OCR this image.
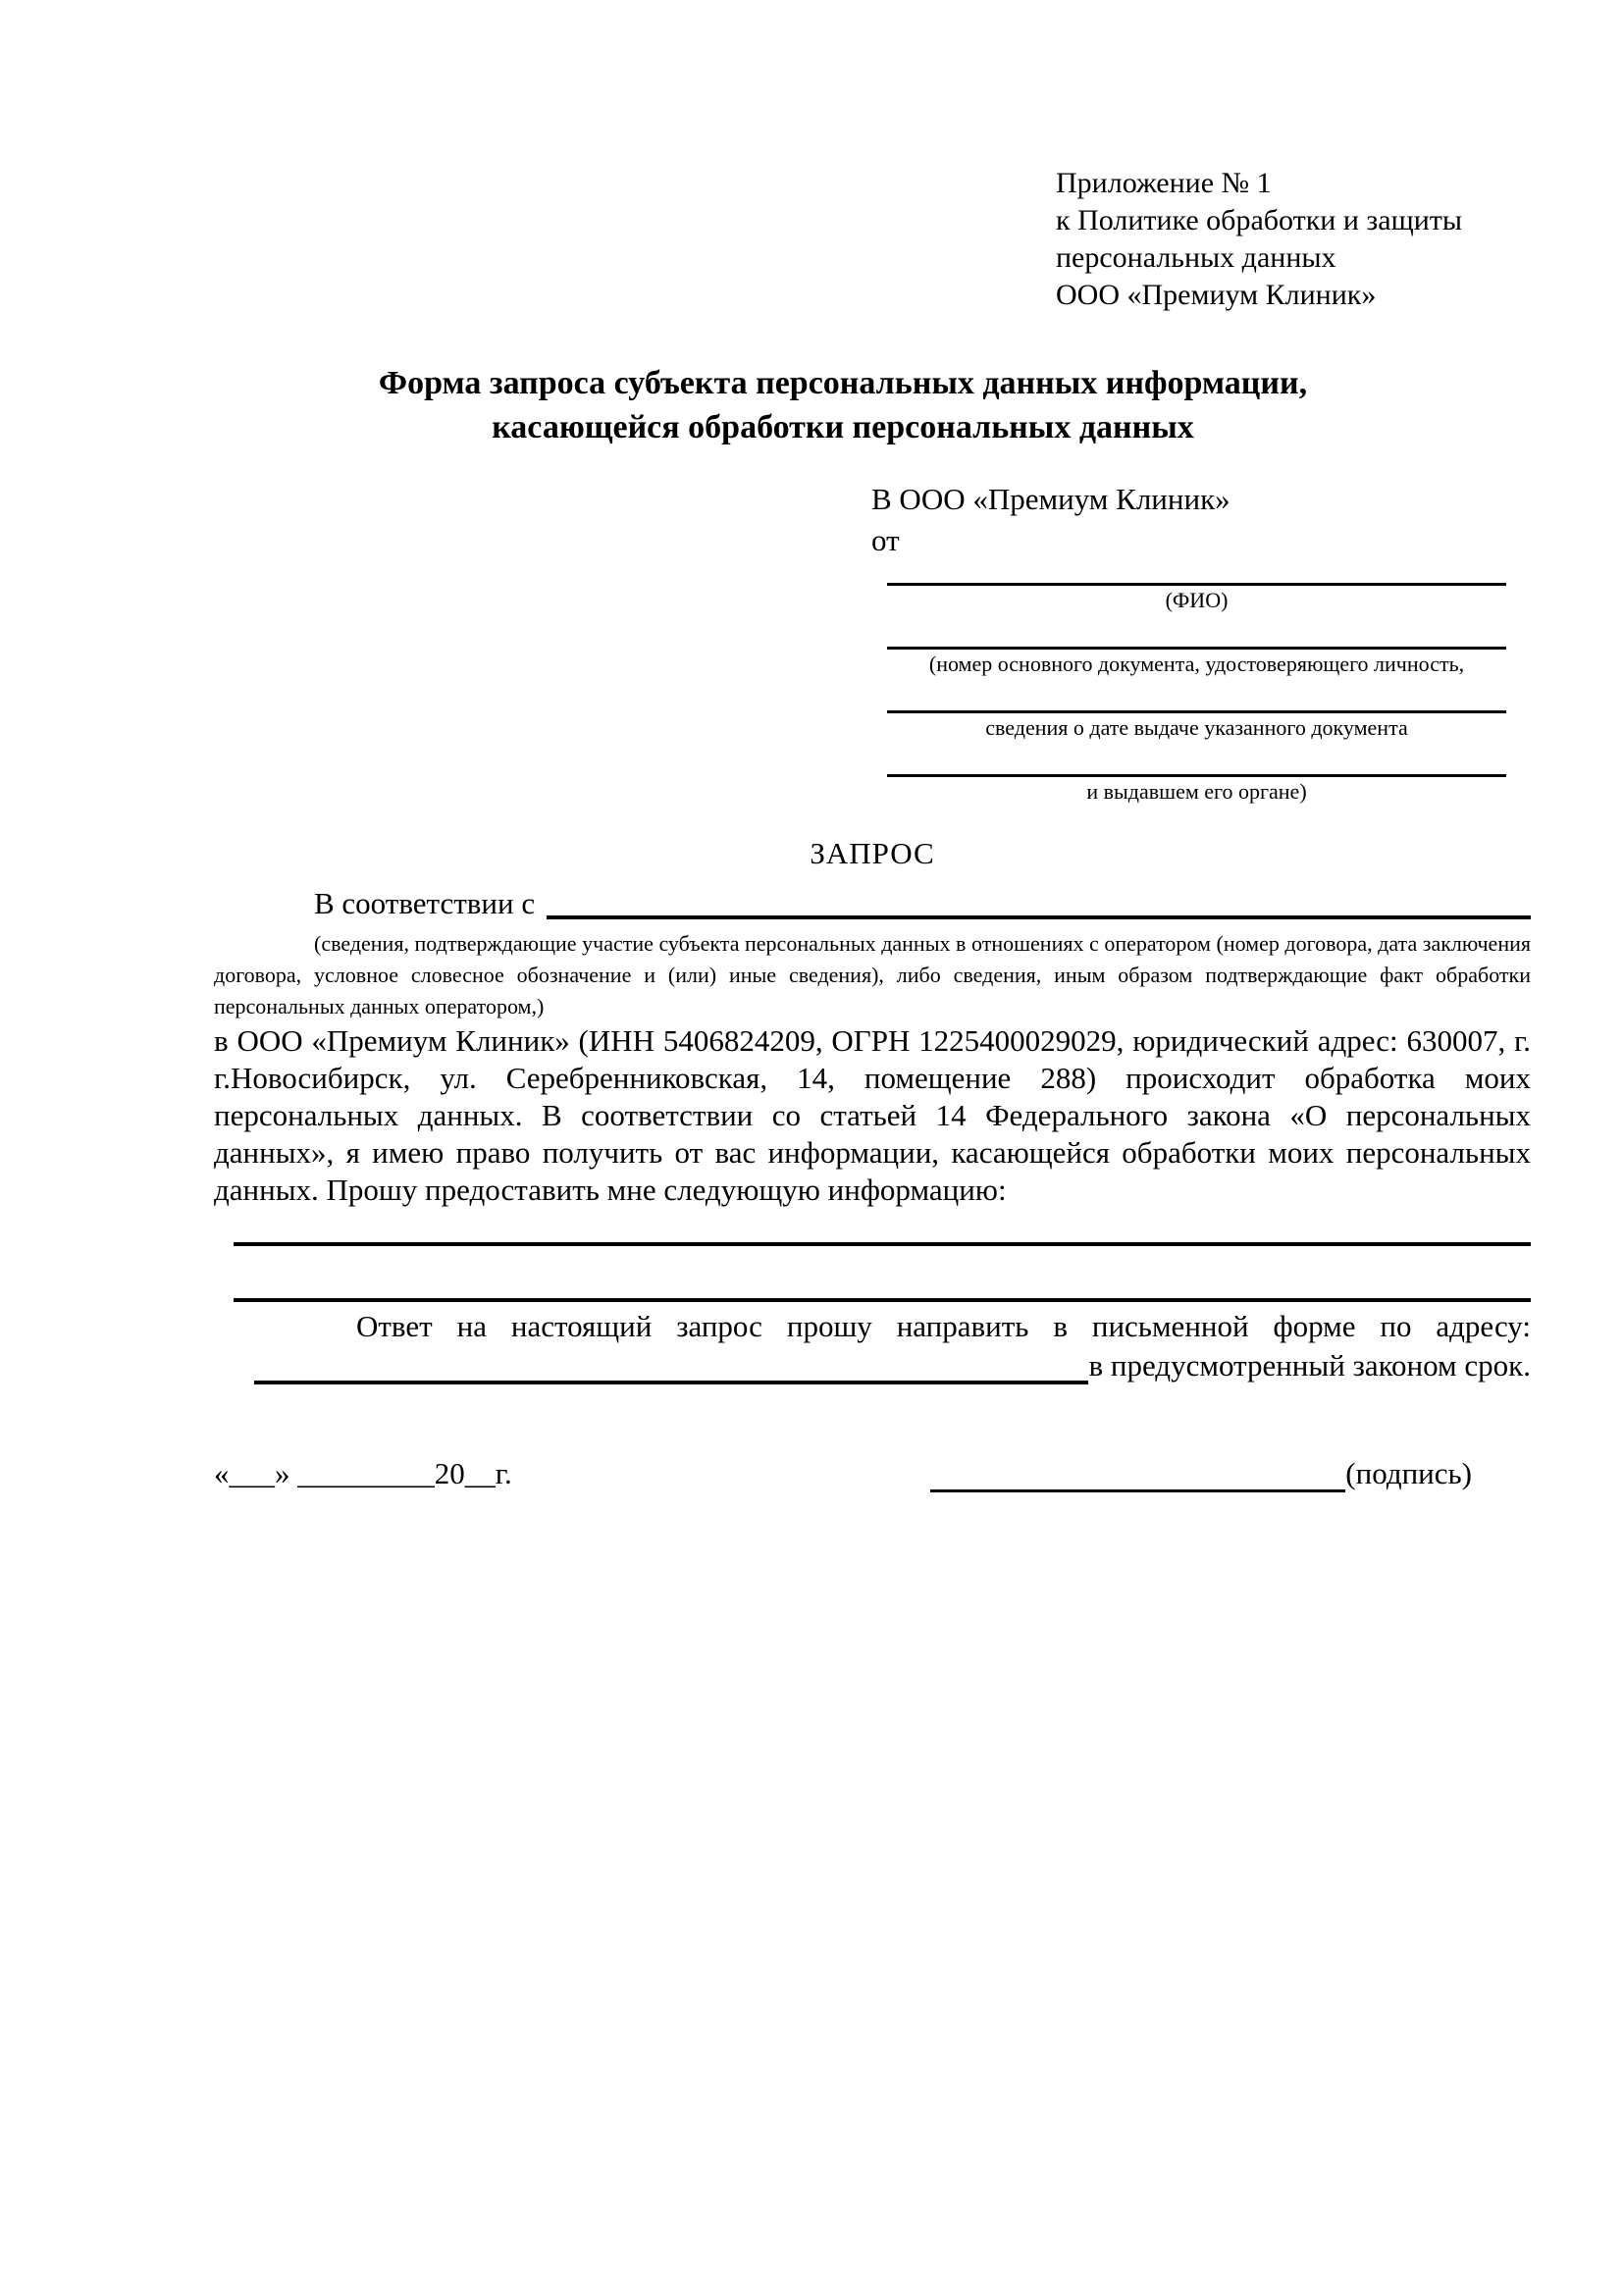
Приложение № 1
к Политике обработки и защиты
персональных данных
ООО «Премиум Клиник»
Форма запроса субъекта персональных данных информации,
касающейся обработки персональных данных
В ООО «Премиум Клиник»
от
(ФИО)
(номер основного документа, удостоверяющего личность,
сведения о дате выдаче указанного документа
и выдавшем его органе)
ЗАПРОС
В соответствии с

(сведения, подтверждающие участие субъекта персональных данных в отношениях с оператором (номер договора, дата заключения договора, условное словесное обозначение и (или) иные сведения), либо сведения, иным образом подтверждающие факт обработки персональных данных оператором,)

в ООО «Премиум Клиник» (ИНН 5406824209, ОГРН 1225400029029, юридический адрес: 630007, г. г.Новосибирск, ул. Серебренниковская, 14, помещение 288) происходит обработка моих персональных данных. В соответствии со статьей 14 Федерального закона «О персональных данных», я имею право получить от вас информации, касающейся обработки моих персональных данных. Прошу предоставить мне следующую информацию:

Ответ на настоящий запрос прошу направить в письменной форме по адресу:

в предусмотренный законом срок.
«___» _________20__г.	(подпись)
